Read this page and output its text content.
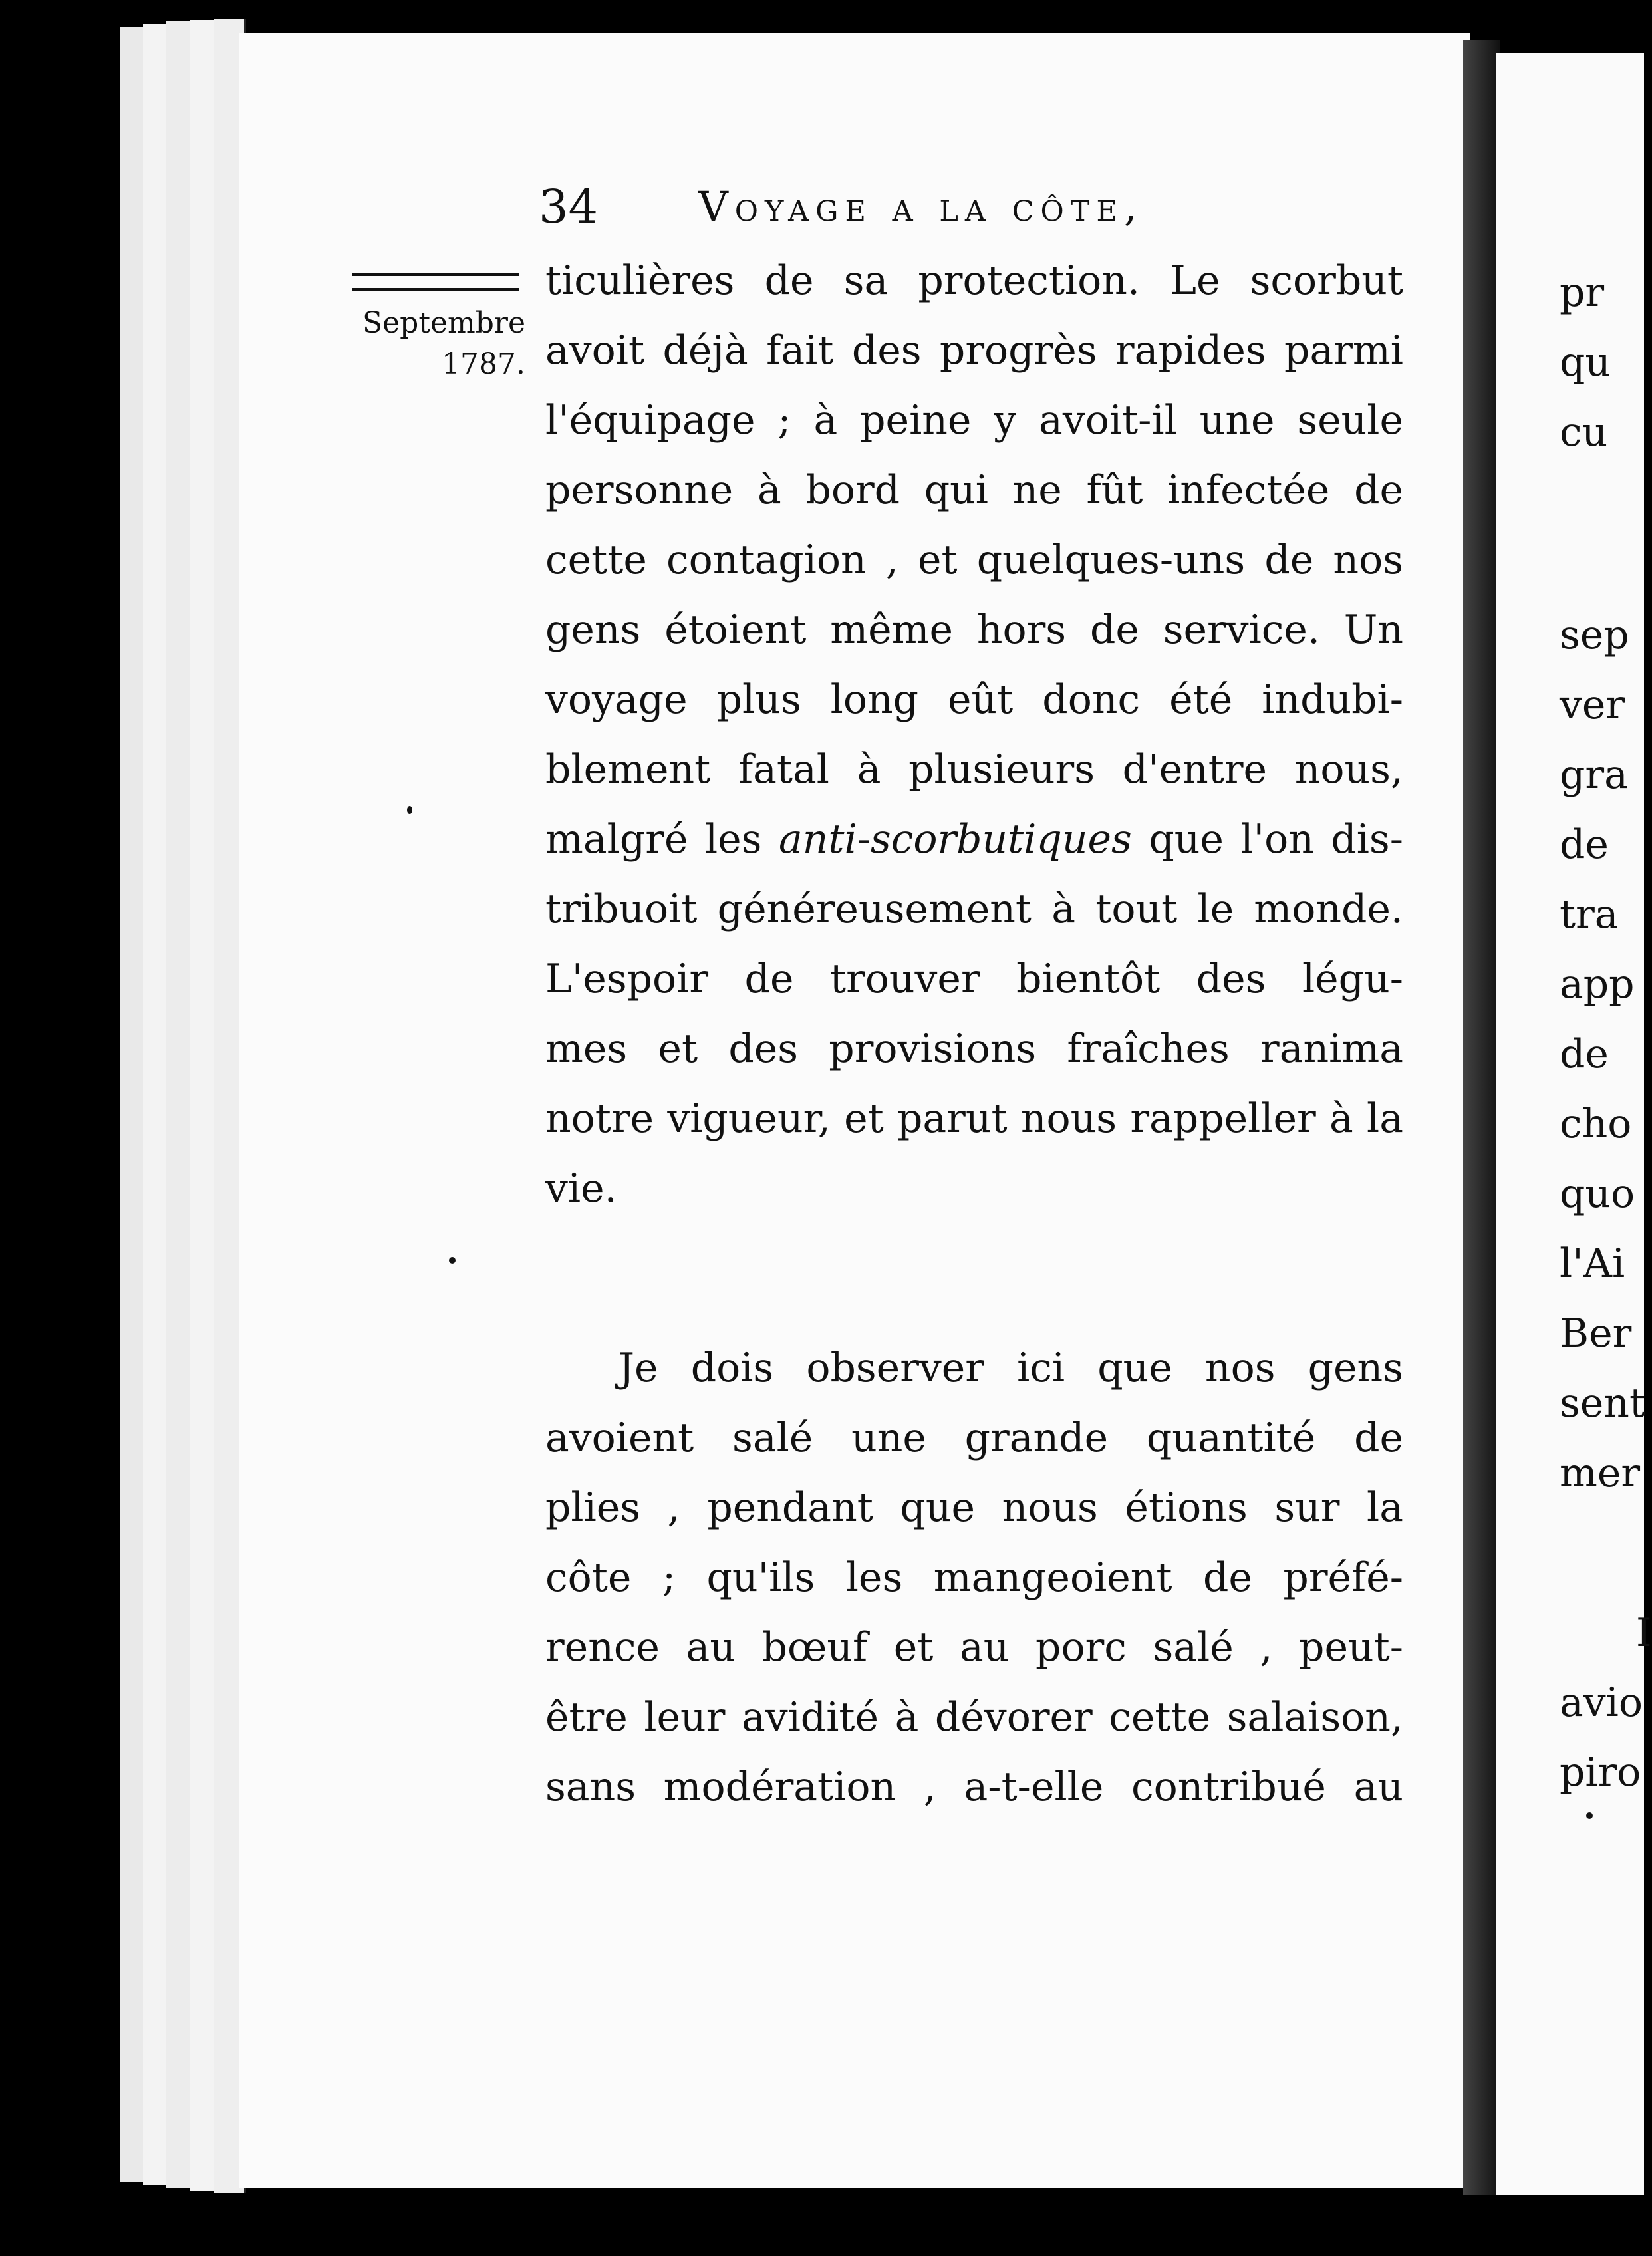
34 Voyage a la côte,
Septembre
1787.
ticulières de sa protection. Le scorbut
avoit déjà fait des progrès rapides parmi
l'équipage ; à peine y avoit-il une seule
personne à bord qui ne fût infectée de
cette contagion , et quelques-uns de nos
gens étoient même hors de service. Un
voyage plus long eût donc été indubi-
blement fatal à plusieurs d'entre nous,
malgré les anti-scorbutiques que l'on dis-
tribuoit généreusement à tout le monde.
L'espoir de trouver bientôt des légu-
mes et des provisions fraîches ranima
notre vigueur, et parut nous rappeller à la
vie.
Je dois observer ici que nos gens
avoient salé une grande quantité de
plies , pendant que nous étions sur la
côte ; qu'ils les mangeoient de préfé-
rence au bœuf et au porc salé , peut-
être leur avidité à dévorer cette salaison,
sans modération , a-t-elle contribué au
pr
qu
cu
sep
ver
gra
de
tra
app
de
cho
quo
l'Ai
Ber
sent
mer
I
avio
piro
